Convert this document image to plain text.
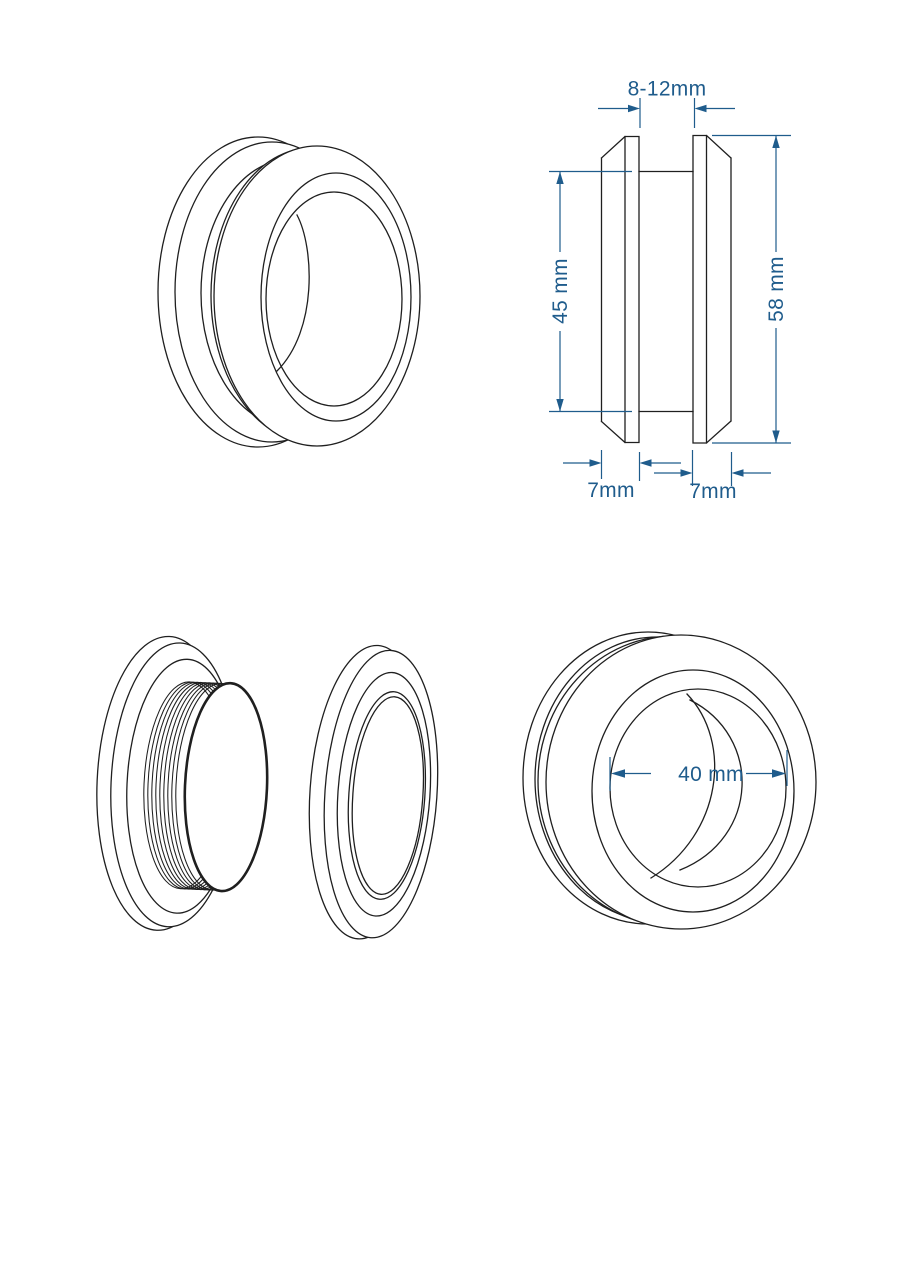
8-12mm
45 mm	58 mm
7mm	7mm
40 mm
